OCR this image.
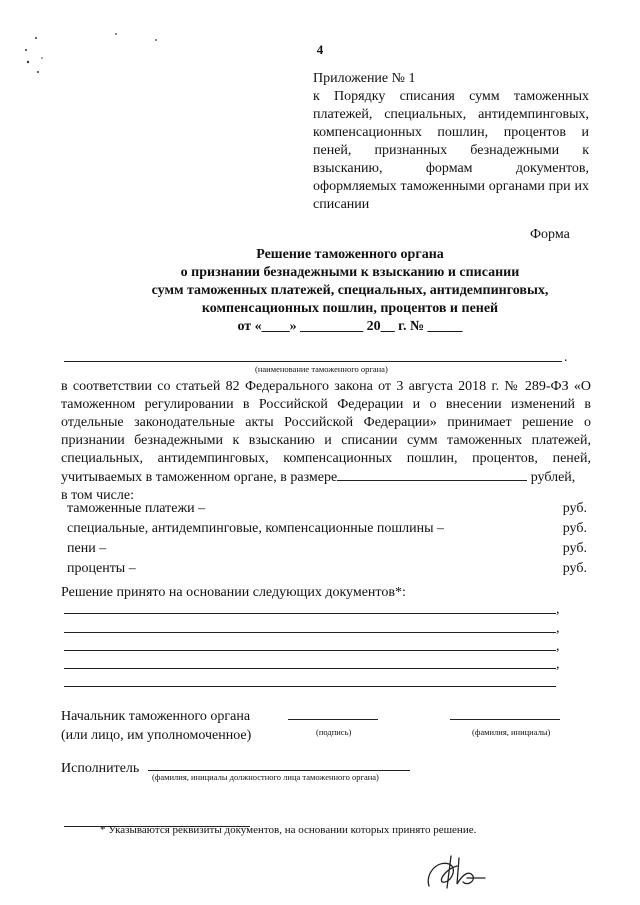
4
Приложение № 1
к Порядку списания сумм таможенных платежей, специальных, антидемпинговых, компенсационных пошлин, процентов и пеней, признанных безнадежными к взысканию, формам документов, оформляемых таможенными органами при их списании
Форма
Решение таможенного органа
о признании безнадежными к взысканию и списании
сумм таможенных платежей, специальных, антидемпинговых,
компенсационных пошлин, процентов и пеней
от «____» _________ 20__ г. № _____
.
(наименование таможенного органа)

в соответствии со статьей 82 Федерального закона от 3 августа 2018 г. № 289-ФЗ «О таможенном регулировании в Российской Федерации и о внесении изменений в отдельные законодательные акты Российской Федерации» принимает решение о признании безнадежными к взысканию и списании сумм таможенных платежей, специальных, антидемпинговых, компенсационных пошлин, процентов, пеней, учитываемых в таможенном органе, в размере	рублей,

в том числе:

таможенные платежи –	руб.
специальные, антидемпинговые, компенсационные пошлины –	руб.
пени –	руб.
проценты –	руб.
Решение принято на основании следующих документов*:
,
,
,
,
Начальник таможенного органа
(или лицо, им уполномоченное)	(подпись)	(фамилия, инициалы)
Исполнитель
(фамилия, инициалы должностного лица таможенного органа)
* Указываются реквизиты документов, на основании которых принято решение.
